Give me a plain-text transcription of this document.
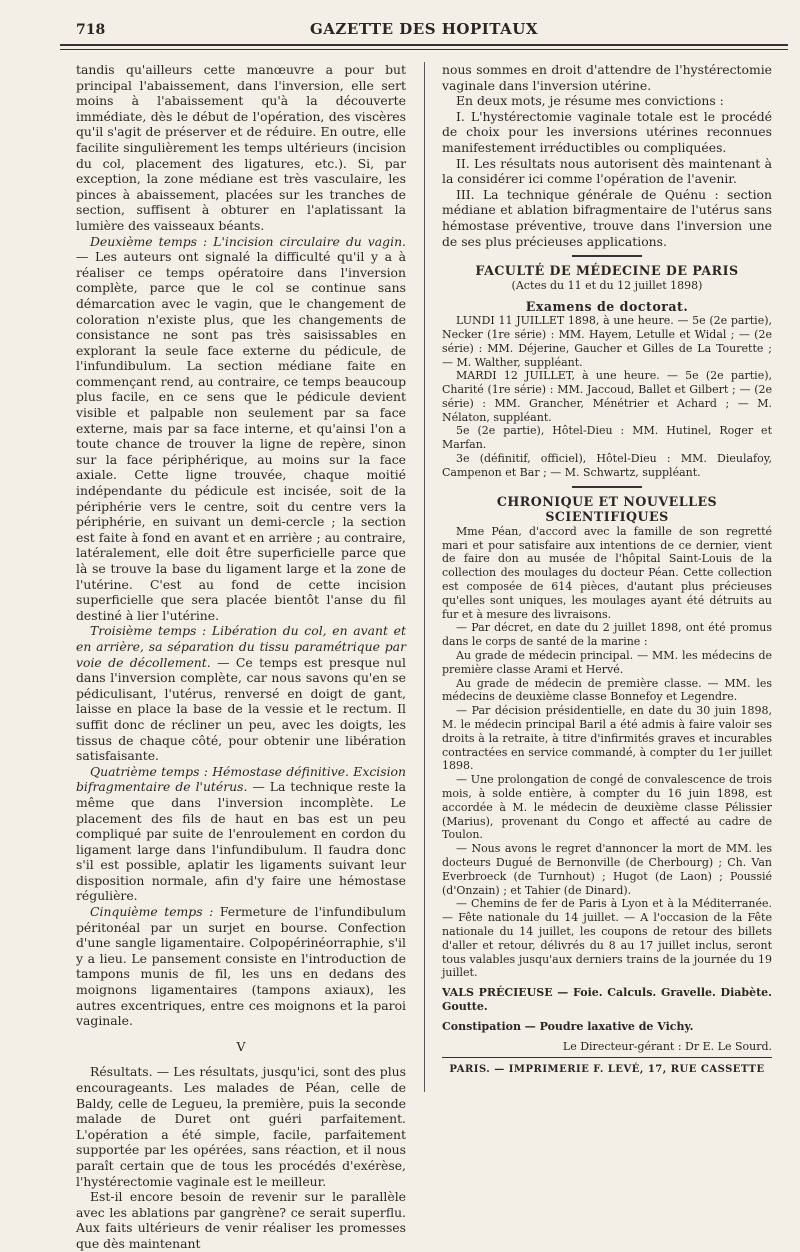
718	GAZETTE DES HOPITAUX

tandis qu'ailleurs cette manœuvre a pour but principal l'abaissement, dans l'inversion, elle sert moins à l'abaissement qu'à la découverte immédiate, dès le début de l'opération, des viscères qu'il s'agit de préserver et de réduire. En outre, elle facilite singulièrement les temps ultérieurs (incision du col, placement des ligatures, etc.). Si, par exception, la zone médiane est très vasculaire, les pinces à abaissement, placées sur les tranches de section, suffisent à obturer en l'aplatissant la lumière des vaisseaux béants.

Deuxième temps : L'incision circulaire du vagin. — Les auteurs ont signalé la difficulté qu'il y a à réaliser ce temps opératoire dans l'inversion complète, parce que le col se continue sans démarcation avec le vagin, que le changement de coloration n'existe plus, que les changements de consistance ne sont pas très saisissables en explorant la seule face externe du pédicule, de l'infundibulum. La section médiane faite en commençant rend, au contraire, ce temps beaucoup plus facile, en ce sens que le pédicule devient visible et palpable non seulement par sa face externe, mais par sa face interne, et qu'ainsi l'on a toute chance de trouver la ligne de repère, sinon sur la face périphérique, au moins sur la face axiale. Cette ligne trouvée, chaque moitié indépendante du pédicule est incisée, soit de la périphérie vers le centre, soit du centre vers la périphérie, en suivant un demi-cercle ; la section est faite à fond en avant et en arrière ; au contraire, latéralement, elle doit être superficielle parce que là se trouve la base du ligament large et la zone de l'utérine. C'est au fond de cette incision superficielle que sera placée bientôt l'anse du fil destiné à lier l'utérine.

Troisième temps : Libération du col, en avant et en arrière, sa séparation du tissu paramétrique par voie de décollement. — Ce temps est presque nul dans l'inversion complète, car nous savons qu'en se pédiculisant, l'utérus, renversé en doigt de gant, laisse en place la base de la vessie et le rectum. Il suffit donc de récliner un peu, avec les doigts, les tissus de chaque côté, pour obtenir une libération satisfaisante.

Quatrième temps : Hémostase définitive. Excision bifragmentaire de l'utérus. — La technique reste la même que dans l'inversion incomplète. Le placement des fils de haut en bas est un peu compliqué par suite de l'enroulement en cordon du ligament large dans l'infundibulum. Il faudra donc s'il est possible, aplatir les ligaments suivant leur disposition normale, afin d'y faire une hémostase régulière.

Cinquième temps : Fermeture de l'infundibulum péritonéal par un surjet en bourse. Confection d'une sangle ligamentaire. Colpopérinéorraphie, s'il y a lieu. Le pansement consiste en l'introduction de tampons munis de fil, les uns en dedans des moignons ligamentaires (tampons axiaux), les autres excentriques, entre ces moignons et la paroi vaginale.

V

Résultats. — Les résultats, jusqu'ici, sont des plus encourageants. Les malades de Péan, celle de Baldy, celle de Legueu, la première, puis la seconde malade de Duret ont guéri parfaitement. L'opération a été simple, facile, parfaitement supportée par les opérées, sans réaction, et il nous paraît certain que de tous les procédés d'exérèse, l'hystérectomie vaginale est le meilleur.

Est-il encore besoin de revenir sur le parallèle avec les ablations par gangrène? ce serait superflu. Aux faits ultérieurs de venir réaliser les promesses que dès maintenant

nous sommes en droit d'attendre de l'hystérectomie vaginale dans l'inversion utérine.

En deux mots, je résume mes convictions :

I. L'hystérectomie vaginale totale est le procédé de choix pour les inversions utérines reconnues manifestement irréductibles ou compliquées.

II. Les résultats nous autorisent dès maintenant à la considérer ici comme l'opération de l'avenir.

III. La technique générale de Quénu : section médiane et ablation bifragmentaire de l'utérus sans hémostase préventive, trouve dans l'inversion une de ses plus précieuses applications.

FACULTÉ DE MÉDECINE DE PARIS

(Actes du 11 et du 12 juillet 1898)

Examens de doctorat.

LUNDI 11 JUILLET 1898, à une heure. — 5e (2e partie), Necker (1re série) : MM. Hayem, Letulle et Widal ; — (2e série) : MM. Déjerine, Gaucher et Gilles de La Tourette ; — M. Walther, suppléant.

MARDI 12 JUILLET, à une heure. — 5e (2e partie), Charité (1re série) : MM. Jaccoud, Ballet et Gilbert ; — (2e série) : MM. Grancher, Ménétrier et Achard ; — M. Nélaton, suppléant.

5e (2e partie), Hôtel-Dieu : MM. Hutinel, Roger et Marfan.

3e (définitif, officiel), Hôtel-Dieu : MM. Dieulafoy, Campenon et Bar ; — M. Schwartz, suppléant.

CHRONIQUE ET NOUVELLES SCIENTIFIQUES

Mme Péan, d'accord avec la famille de son regretté mari et pour satisfaire aux intentions de ce dernier, vient de faire don au musée de l'hôpital Saint-Louis de la collection des moulages du docteur Péan. Cette collection est composée de 614 pièces, d'autant plus précieuses qu'elles sont uniques, les moulages ayant été détruits au fur et à mesure des livraisons.

— Par décret, en date du 2 juillet 1898, ont été promus dans le corps de santé de la marine :

Au grade de médecin principal. — MM. les médecins de première classe Arami et Hervé.

Au grade de médecin de première classe. — MM. les médecins de deuxième classe Bonnefoy et Legendre.

— Par décision présidentielle, en date du 30 juin 1898, M. le médecin principal Baril a été admis à faire valoir ses droits à la retraite, à titre d'infirmités graves et incurables contractées en service commandé, à compter du 1er juillet 1898.

— Une prolongation de congé de convalescence de trois mois, à solde entière, à compter du 16 juin 1898, est accordée à M. le médecin de deuxième classe Pélissier (Marius), provenant du Congo et affecté au cadre de Toulon.

— Nous avons le regret d'annoncer la mort de MM. les docteurs Dugué de Bernonville (de Cherbourg) ; Ch. Van Everbroeck (de Turnhout) ; Hugot (de Laon) ; Poussié (d'Onzain) ; et Tahier (de Dinard).

— Chemins de fer de Paris à Lyon et à la Méditerranée. — Fête nationale du 14 juillet. — A l'occasion de la Fête nationale du 14 juillet, les coupons de retour des billets d'aller et retour, délivrés du 8 au 17 juillet inclus, seront tous valables jusqu'aux derniers trains de la journée du 19 juillet.

VALS PRÉCIEUSE — Foie. Calculs. Gravelle. Diabète. Goutte.

Constipation — Poudre laxative de Vichy.

Le Directeur-gérant : Dr E. Le Sourd.

PARIS. — IMPRIMERIE F. LEVÉ, 17, RUE CASSETTE
